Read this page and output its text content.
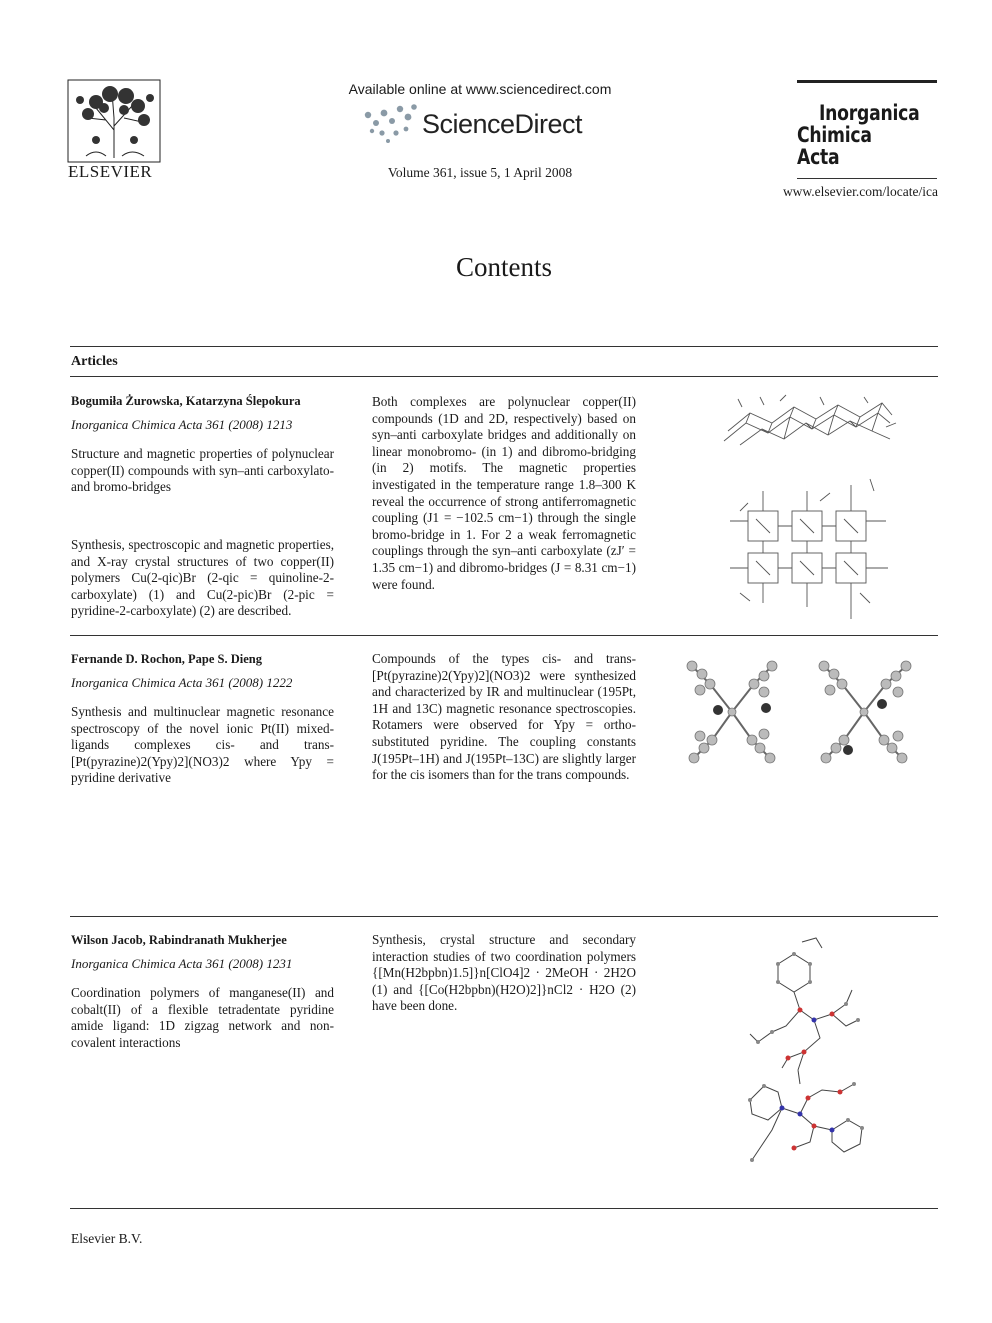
ELSEVIER
Available online at www.sciencedirect.com
ScienceDirect
Volume 361, issue 5, 1 April 2008
Inorganica
Chimica Acta
www.elsevier.com/locate/ica
Contents
Articles
Bogumiła Żurowska, Katarzyna Ślepokura
Inorganica Chimica Acta 361 (2008) 1213
Structure and magnetic properties of polynuclear copper(II) compounds with syn–anti carboxylato- and bromo-bridges
Synthesis, spectroscopic and magnetic properties, and X-ray crystal structures of two copper(II) polymers Cu(2-qic)Br (2-qic = quinoline-2-carboxylate) (1) and Cu(2-pic)Br (2-pic = pyridine-2-carboxylate) (2) are described.
Both complexes are polynuclear copper(II) compounds (1D and 2D, respectively) based on syn–anti carboxylate bridges and additionally on linear monobromo- (in 1) and dibromo-bridging (in 2) motifs. The magnetic properties investigated in the temperature range 1.8–300 K reveal the occurrence of strong antiferromagnetic coupling (J1 = −102.5 cm−1) through the single bromo-bridge in 1. For 2 a weak ferromagnetic couplings through the syn–anti carboxylate (zJ′ = 1.35 cm−1) and dibromo-bridges (J = 8.31 cm−1) were found.
Fernande D. Rochon, Pape S. Dieng
Inorganica Chimica Acta 361 (2008) 1222
Synthesis and multinuclear magnetic resonance spectroscopy of the novel ionic Pt(II) mixed-ligands complexes cis- and trans-[Pt(pyrazine)2(Ypy)2](NO3)2 where Ypy = pyridine derivative
Compounds of the types cis- and trans-[Pt(pyrazine)2(Ypy)2](NO3)2 were synthesized and characterized by IR and multinuclear (195Pt, 1H and 13C) magnetic resonance spectroscopies. Rotamers were observed for Ypy = ortho-substituted pyridine. The coupling constants J(195Pt–1H) and J(195Pt–13C) are slightly larger for the cis isomers than for the trans compounds.
Wilson Jacob, Rabindranath Mukherjee
Inorganica Chimica Acta 361 (2008) 1231
Coordination polymers of manganese(II) and cobalt(II) of a flexible tetradentate pyridine amide ligand: 1D zigzag network and non-covalent interactions
Synthesis, crystal structure and secondary interaction studies of two coordination polymers {[Mn(H2bpbn)1.5]}n[ClO4]2 · 2MeOH · 2H2O (1) and {[Co(H2bpbn)(H2O)2]}nCl2 · H2O (2) have been done.
Elsevier B.V.
